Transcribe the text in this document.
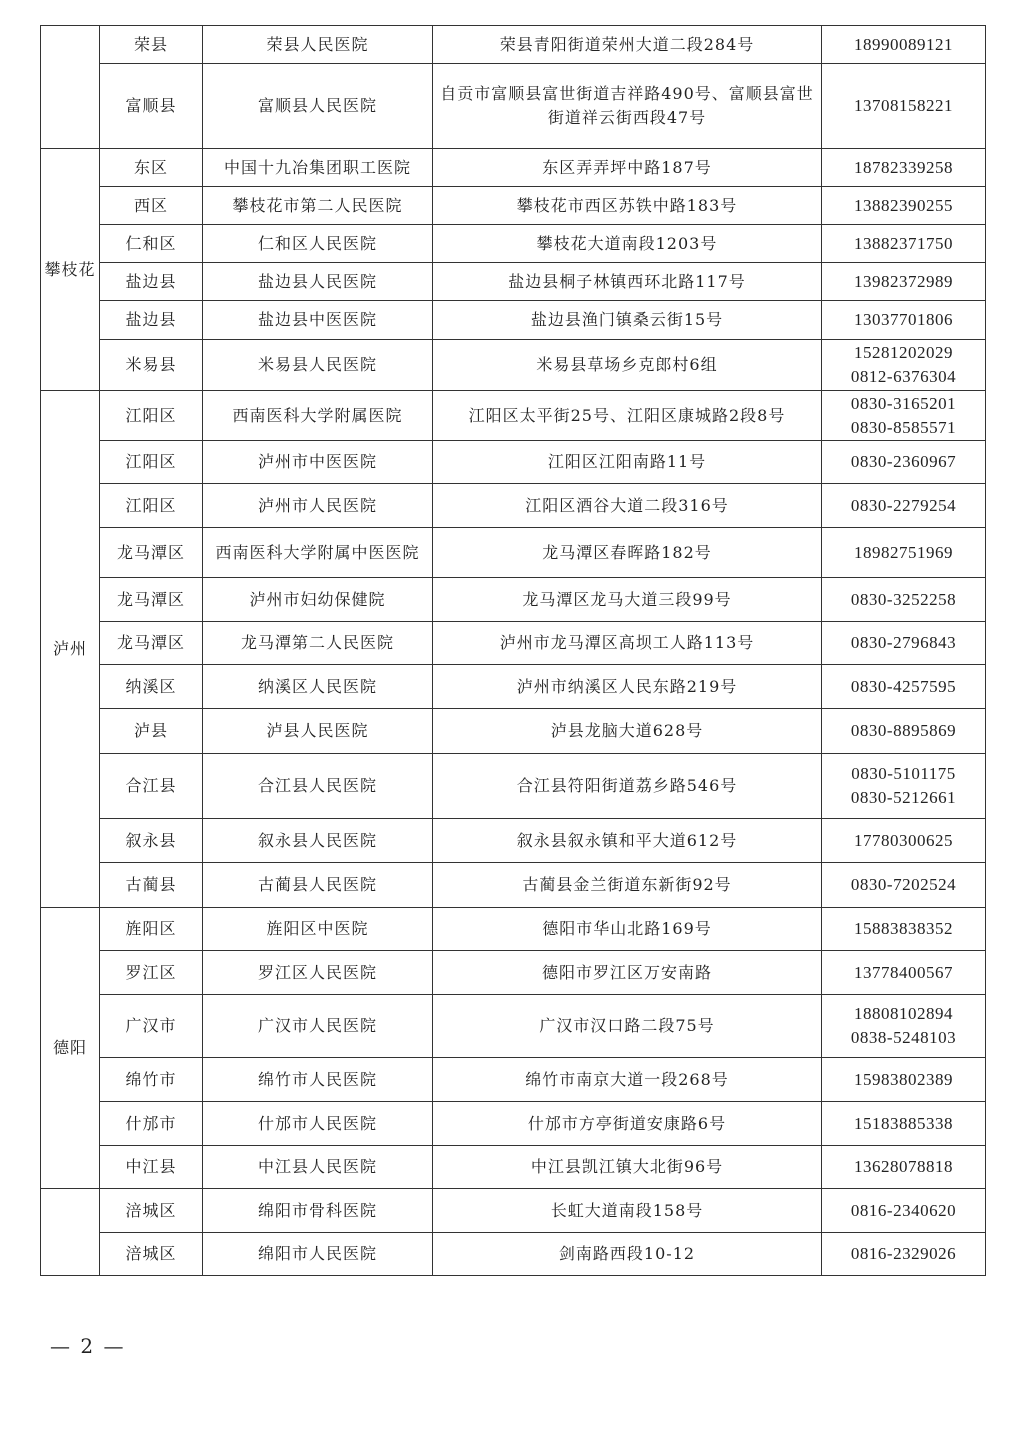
	荣县	荣县人民医院	荣县青阳街道荣州大道二段284号	18990089121

	富顺县	富顺县人民医院	自贡市富顺县富世街道吉祥路490号、富顺县富世街道祥云街西段47号	13708158221

攀枝花	东区	中国十九冶集团职工医院	东区弄弄坪中路187号	18782339258

	西区	攀枝花市第二人民医院	攀枝花市西区苏铁中路183号	13882390255

	仁和区	仁和区人民医院	攀枝花大道南段1203号	13882371750

	盐边县	盐边县人民医院	盐边县桐子林镇西环北路117号	13982372989

	盐边县	盐边县中医医院	盐边县渔门镇桑云街15号	13037701806

	米易县	米易县人民医院	米易县草场乡克郎村6组	15281202029
0812-6376304

泸州	江阳区	西南医科大学附属医院	江阳区太平街25号、江阳区康城路2段8号	0830-3165201
0830-8585571

	江阳区	泸州市中医医院	江阳区江阳南路11号	0830-2360967

	江阳区	泸州市人民医院	江阳区酒谷大道二段316号	0830-2279254

	龙马潭区	西南医科大学附属中医医院	龙马潭区春晖路182号	18982751969

	龙马潭区	泸州市妇幼保健院	龙马潭区龙马大道三段99号	0830-3252258

	龙马潭区	龙马潭第二人民医院	泸州市龙马潭区高坝工人路113号	0830-2796843

	纳溪区	纳溪区人民医院	泸州市纳溪区人民东路219号	0830-4257595

	泸县	泸县人民医院	泸县龙脑大道628号	0830-8895869

	合江县	合江县人民医院	合江县符阳街道荔乡路546号	0830-5101175
0830-5212661

	叙永县	叙永县人民医院	叙永县叙永镇和平大道612号	17780300625

	古蔺县	古蔺县人民医院	古蔺县金兰街道东新街92号	0830-7202524

德阳	旌阳区	旌阳区中医院	德阳市华山北路169号	15883838352

	罗江区	罗江区人民医院	德阳市罗江区万安南路	13778400567

	广汉市	广汉市人民医院	广汉市汉口路二段75号	18808102894
0838-5248103

	绵竹市	绵竹市人民医院	绵竹市南京大道一段268号	15983802389

	什邡市	什邡市人民医院	什邡市方亭街道安康路6号	15183885338

	中江县	中江县人民医院	中江县凯江镇大北街96号	13628078818

	涪城区	绵阳市骨科医院	长虹大道南段158号	0816-2340620

	涪城区	绵阳市人民医院	剑南路西段10-12	0816-2329026
— 2 —
